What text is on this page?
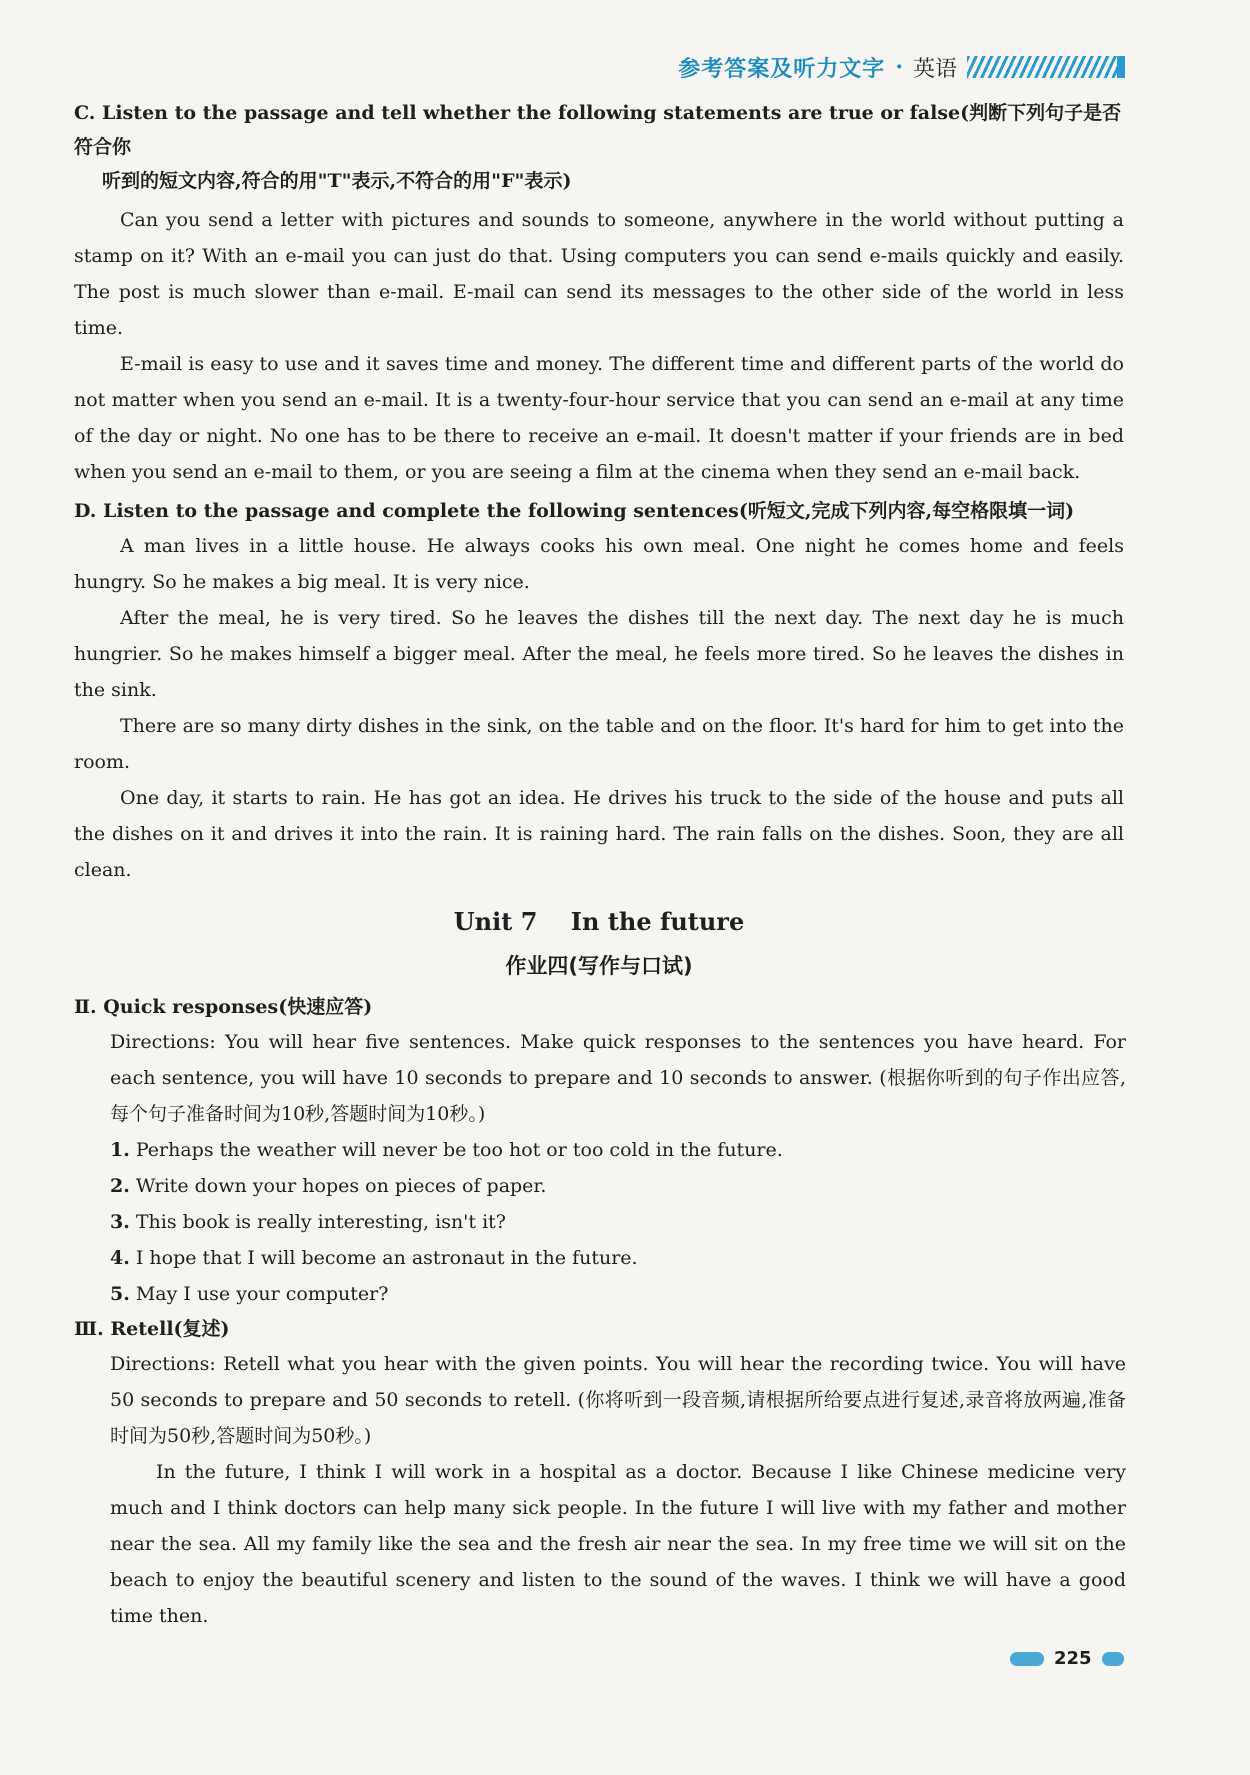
参考答案及听力文字 · 英语

C. Listen to the passage and tell whether the following statements are true or false(判断下列句子是否符合你

听到的短文内容,符合的用"T"表示,不符合的用"F"表示)

Can you send a letter with pictures and sounds to someone, anywhere in the world without putting a stamp on it? With an e-mail you can just do that. Using computers you can send e-mails quickly and easily. The post is much slower than e-mail. E-mail can send its messages to the other side of the world in less time.

E-mail is easy to use and it saves time and money. The different time and different parts of the world do not matter when you send an e-mail. It is a twenty-four-hour service that you can send an e-mail at any time of the day or night. No one has to be there to receive an e-mail. It doesn't matter if your friends are in bed when you send an e-mail to them, or you are seeing a film at the cinema when they send an e-mail back.

D. Listen to the passage and complete the following sentences(听短文,完成下列内容,每空格限填一词)

A man lives in a little house. He always cooks his own meal. One night he comes home and feels hungry. So he makes a big meal. It is very nice.

After the meal, he is very tired. So he leaves the dishes till the next day. The next day he is much hungrier. So he makes himself a bigger meal. After the meal, he feels more tired. So he leaves the dishes in the sink.

There are so many dirty dishes in the sink, on the table and on the floor. It's hard for him to get into the room.

One day, it starts to rain. He has got an idea. He drives his truck to the side of the house and puts all the dishes on it and drives it into the rain. It is raining hard. The rain falls on the dishes. Soon, they are all clean.

Unit 7    In the future
作业四(写作与口试)

Ⅱ. Quick responses(快速应答)

Directions: You will hear five sentences. Make quick responses to the sentences you have heard. For each sentence, you will have 10 seconds to prepare and 10 seconds to answer. (根据你听到的句子作出应答,每个句子准备时间为10秒,答题时间为10秒。)

1. Perhaps the weather will never be too hot or too cold in the future.
2. Write down your hopes on pieces of paper.
3. This book is really interesting, isn't it?
4. I hope that I will become an astronaut in the future.
5. May I use your computer?

Ⅲ. Retell(复述)

Directions: Retell what you hear with the given points. You will hear the recording twice. You will have 50 seconds to prepare and 50 seconds to retell. (你将听到一段音频,请根据所给要点进行复述,录音将放两遍,准备时间为50秒,答题时间为50秒。)

In the future, I think I will work in a hospital as a doctor. Because I like Chinese medicine very much and I think doctors can help many sick people. In the future I will live with my father and mother near the sea. All my family like the sea and the fresh air near the sea. In my free time we will sit on the beach to enjoy the beautiful scenery and listen to the sound of the waves. I think we will have a good time then.

225
